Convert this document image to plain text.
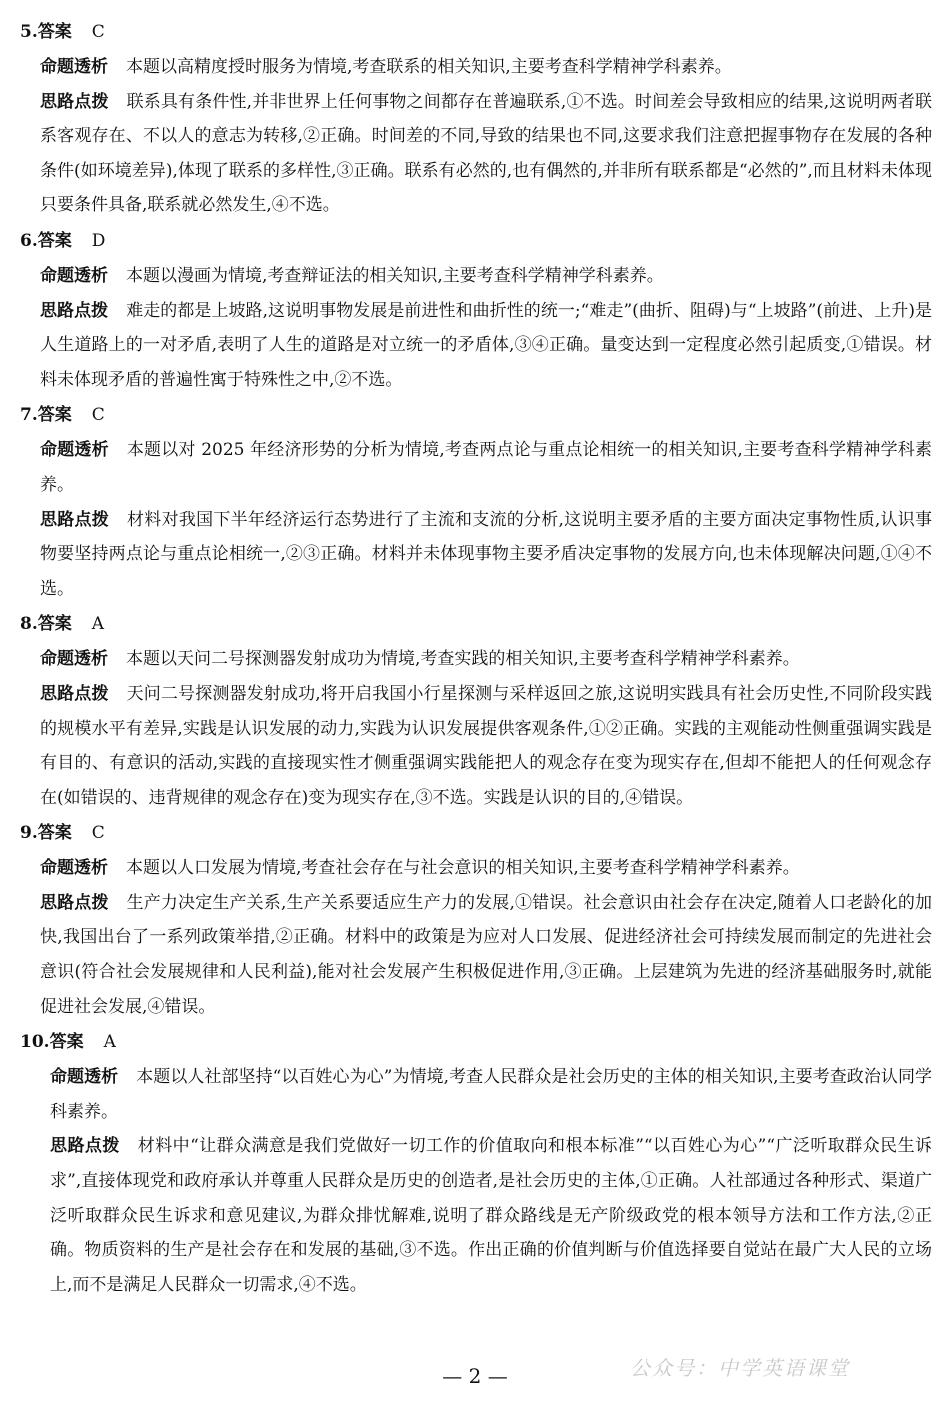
5.答案 C

命题透析 本题以高精度授时服务为情境,考查联系的相关知识,主要考查科学精神学科素养。

思路点拨 联系具有条件性,并非世界上任何事物之间都存在普遍联系,①不选。时间差会导致相应的结果,这说明两者联系客观存在、不以人的意志为转移,②正确。时间差的不同,导致的结果也不同,这要求我们注意把握事物存在发展的各种条件(如环境差异),体现了联系的多样性,③正确。联系有必然的,也有偶然的,并非所有联系都是“必然的”,而且材料未体现只要条件具备,联系就必然发生,④不选。

6.答案 D

命题透析 本题以漫画为情境,考查辩证法的相关知识,主要考查科学精神学科素养。

思路点拨 难走的都是上坡路,这说明事物发展是前进性和曲折性的统一;“难走”(曲折、阻碍)与“上坡路”(前进、上升)是人生道路上的一对矛盾,表明了人生的道路是对立统一的矛盾体,③④正确。量变达到一定程度必然引起质变,①错误。材料未体现矛盾的普遍性寓于特殊性之中,②不选。

7.答案 C

命题透析 本题以对 2025 年经济形势的分析为情境,考查两点论与重点论相统一的相关知识,主要考查科学精神学科素养。

思路点拨 材料对我国下半年经济运行态势进行了主流和支流的分析,这说明主要矛盾的主要方面决定事物性质,认识事物要坚持两点论与重点论相统一,②③正确。材料并未体现事物主要矛盾决定事物的发展方向,也未体现解决问题,①④不选。

8.答案 A

命题透析 本题以天问二号探测器发射成功为情境,考查实践的相关知识,主要考查科学精神学科素养。

思路点拨 天问二号探测器发射成功,将开启我国小行星探测与采样返回之旅,这说明实践具有社会历史性,不同阶段实践的规模水平有差异,实践是认识发展的动力,实践为认识发展提供客观条件,①②正确。实践的主观能动性侧重强调实践是有目的、有意识的活动,实践的直接现实性才侧重强调实践能把人的观念存在变为现实存在,但却不能把人的任何观念存在(如错误的、违背规律的观念存在)变为现实存在,③不选。实践是认识的目的,④错误。

9.答案 C

命题透析 本题以人口发展为情境,考查社会存在与社会意识的相关知识,主要考查科学精神学科素养。

思路点拨 生产力决定生产关系,生产关系要适应生产力的发展,①错误。社会意识由社会存在决定,随着人口老龄化的加快,我国出台了一系列政策举措,②正确。材料中的政策是为应对人口发展、促进经济社会可持续发展而制定的先进社会意识(符合社会发展规律和人民利益),能对社会发展产生积极促进作用,③正确。上层建筑为先进的经济基础服务时,就能促进社会发展,④错误。

10.答案 A

命题透析 本题以人社部坚持“以百姓心为心”为情境,考查人民群众是社会历史的主体的相关知识,主要考查政治认同学科素养。

思路点拨 材料中“让群众满意是我们党做好一切工作的价值取向和根本标准”“以百姓心为心”“广泛听取群众民生诉求”,直接体现党和政府承认并尊重人民群众是历史的创造者,是社会历史的主体,①正确。人社部通过各种形式、渠道广泛听取群众民生诉求和意见建议,为群众排忧解难,说明了群众路线是无产阶级政党的根本领导方法和工作方法,②正确。物质资料的生产是社会存在和发展的基础,③不选。作出正确的价值判断与价值选择要自觉站在最广大人民的立场上,而不是满足人民群众一切需求,④不选。

— 2 —	公众号：中学英语课堂
